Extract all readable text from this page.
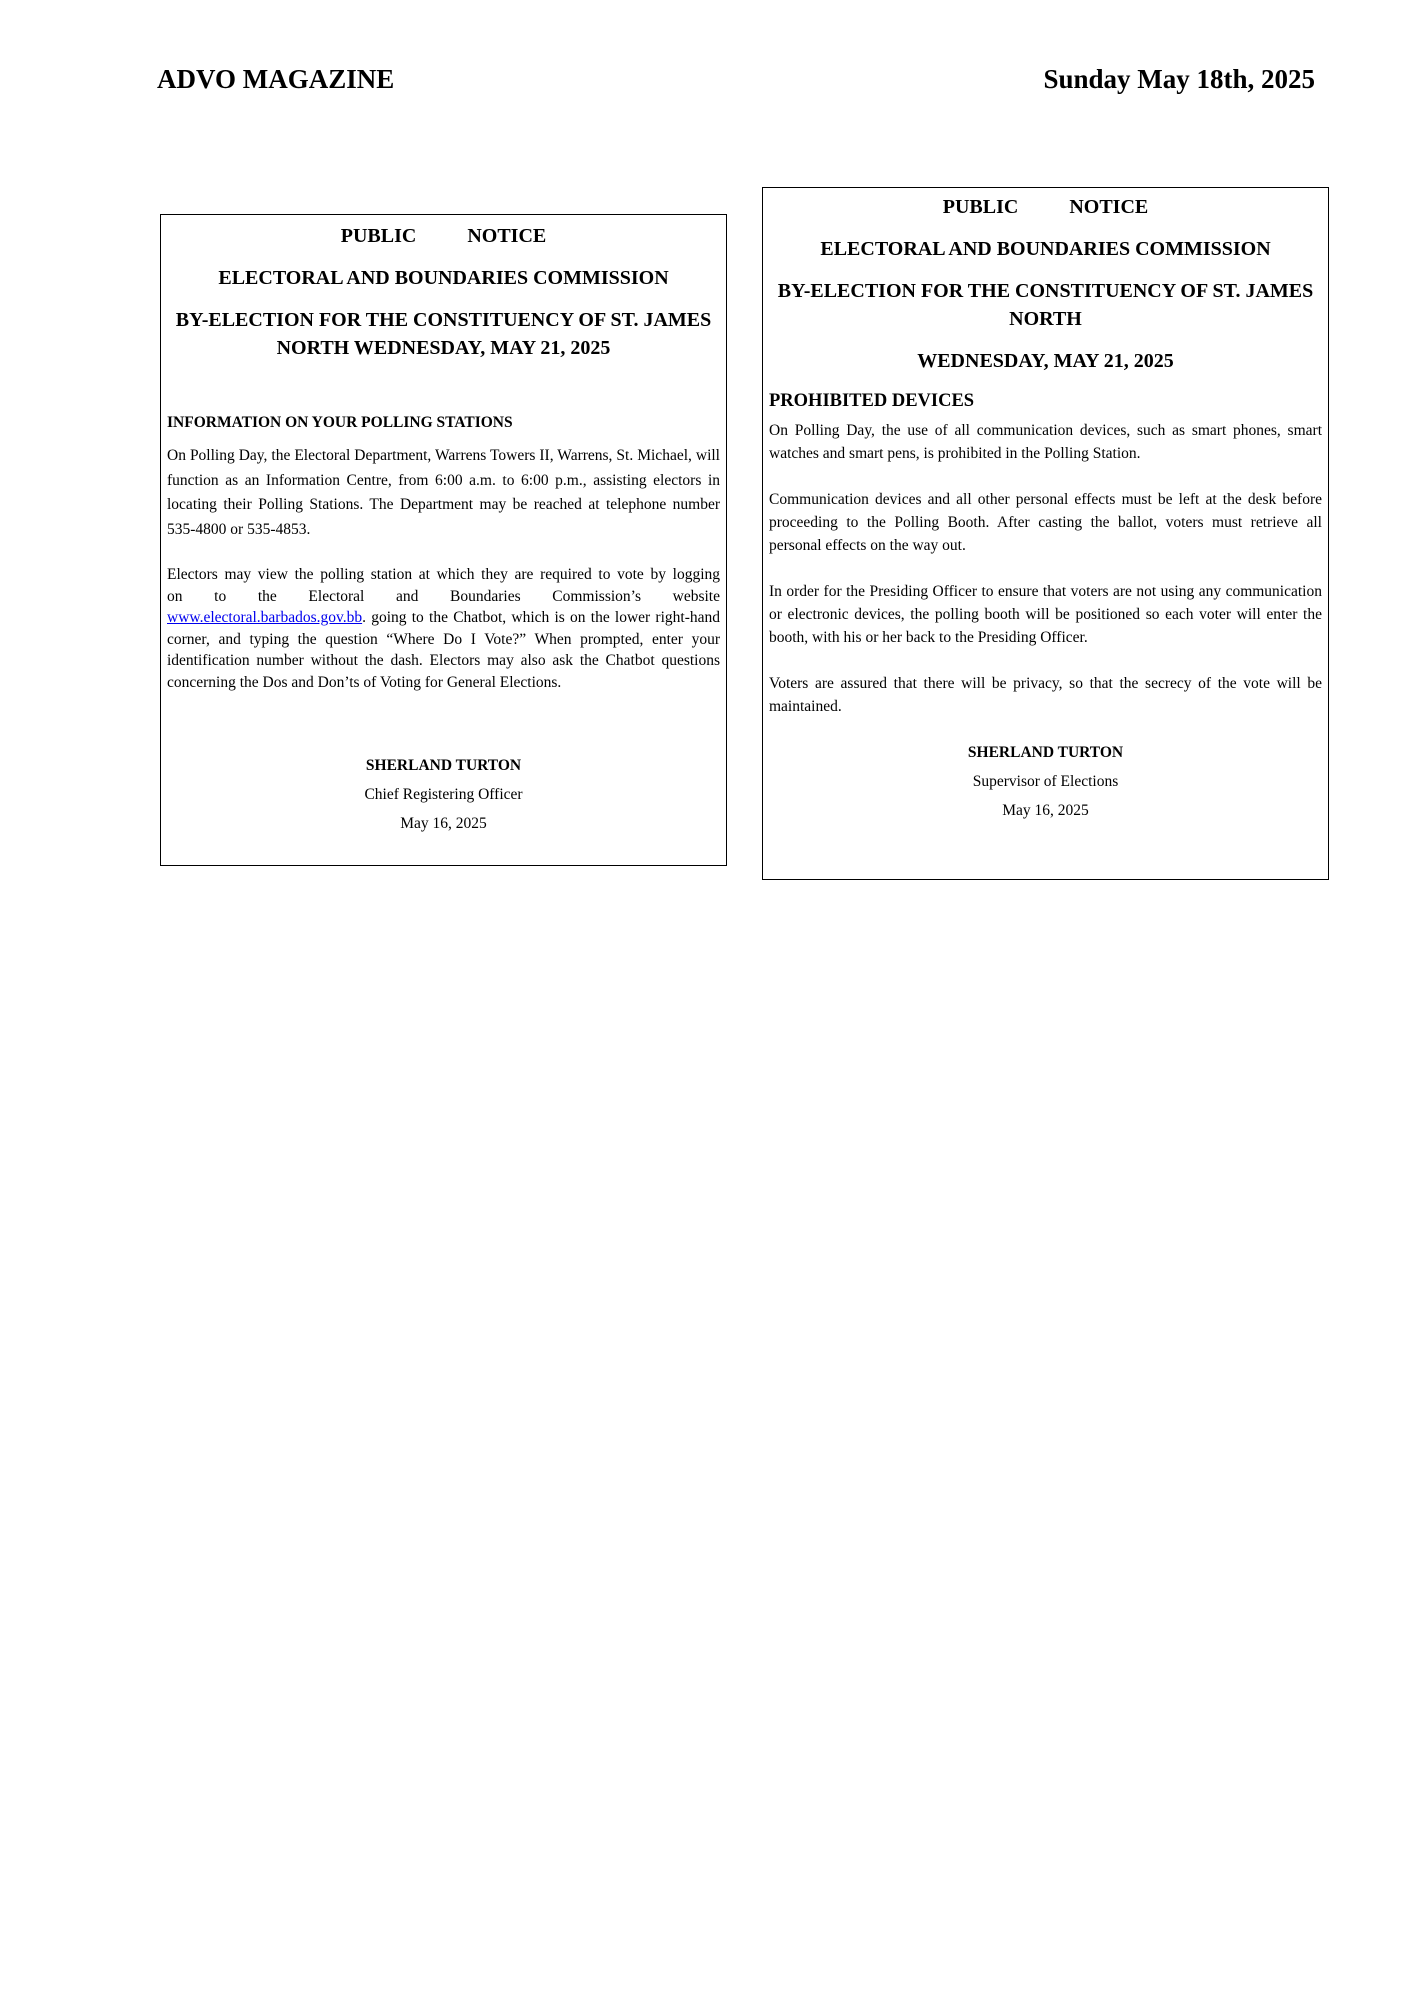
ADVO MAGAZINE	Sunday May 18th, 2025
PUBLIC   NOTICE
ELECTORAL AND BOUNDARIES COMMISSION
BY-ELECTION FOR THE CONSTITUENCY OF ST. JAMES
NORTH WEDNESDAY, MAY 21, 2025
INFORMATION ON YOUR POLLING STATIONS
On Polling Day, the Electoral Department, Warrens Towers II, Warrens, St. Michael, will function as an Information Centre, from 6:00 a.m. to 6:00 p.m., assisting electors in locating their Polling Stations. The Department may be reached at telephone number 535-4800 or 535-4853.
Electors may view the polling station at which they are required to vote by logging
on to the Electoral and Boundaries Commission’s website
www.electoral.barbados.gov.bb. going to the Chatbot, which is on the lower right-hand corner, and typing the question “Where Do I Vote?” When prompted, enter your identification number without the dash. Electors may also ask the Chatbot questions concerning the Dos and Don’ts of Voting for General Elections.
SHERLAND TURTON
Chief Registering Officer
May 16, 2025
PUBLIC   NOTICE
ELECTORAL AND BOUNDARIES COMMISSION
BY-ELECTION FOR THE CONSTITUENCY OF ST. JAMES
NORTH
WEDNESDAY, MAY 21, 2025
PROHIBITED DEVICES
On Polling Day, the use of all communication devices, such as smart phones, smart watches and smart pens, is prohibited in the Polling Station.
Communication devices and all other personal effects must be left at the desk before proceeding to the Polling Booth. After casting the ballot, voters must retrieve all personal effects on the way out.
In order for the Presiding Officer to ensure that voters are not using any communication or electronic devices, the polling booth will be positioned so each voter will enter the booth, with his or her back to the Presiding Officer.
Voters are assured that there will be privacy, so that the secrecy of the vote will be maintained.
SHERLAND TURTON
Supervisor of Elections
May 16, 2025
